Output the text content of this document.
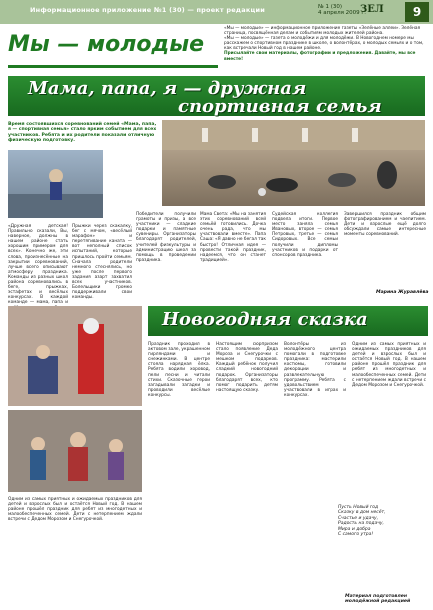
Информационное приложение №1 (30) — проект редакции	№ 1 (30)
4 апреля 2009 г.
ЗЕЛ	9
Мы — молодые
«Мы — молодые» — информационное приложение газеты «Зелёные аллеи». Зелёная страница, посвящённая делам и событиям молодых жителей района.
«Мы — молодые» — газета о молодёжи и для молодёжи. В Новогоднем номере мы расскажем о спортивном празднике в школе, о волонтёрах, о молодых семьях и о том, как встречали Новый год в нашем районе.
Присылайте свои материалы, фотографии и предложения. Давайте, мы все вместе!
Мама, папа, я — дружная
спортивная семья
Время состоявшихся соревнований семей «Мама, папа, я — спортивная семья» стало ярким событием для всех участников. Ребята и их родители показали отличную физическую подготовку.
«Дружная детская! Правильно сказали, Вы, наверное, должны в нашем районе стать хорошим примером для всех». Конечно же, эти слова, произнесённые на закрытии соревнований, лучше всего описывают атмосферу праздника. Команды из разных школ района соревновались в беге, прыжках, эстафетах и весёлых конкурсах. В каждой команде — мама, папа и
Прыжки через скакалку, бег с мячом, «весёлый марафон» и перетягивание каната — вот неполный список испытаний, которые пришлось пройти семьям. Сначала родители немного стеснялись, но уже после первого задания азарт захватил всех участников. Болельщики громко поддерживали свои команды.
Победители получили грамоты и призы, а все участники — сладкие подарки и памятные сувениры. Организаторы благодарят родителей, учителей физкультуры и администрацию школ за помощь в проведении праздника.
Мама Света: «Мы на занятия этих соревнований всей семьёй готовились. Дочка очень рада, что мы участвовали вместе». Папа Саша: «Я давно не бегал так быстро! Отличная идея — провести такой праздник, надеемся, что он станет традицией».
Судейская коллегия подвела итоги. Первое место заняла семья Ивановых, второе — семья Петровых, третье — семья Сидоровых. Все семьи получили дипломы участников и подарки от спонсоров праздника.
Завершился праздник общим фотографированием и чаепитием. Дети и взрослые ещё долго обсуждали самые интересные моменты соревнований.
Марина Журавлёва
Новогодняя сказка
Одним из самых приятных и ожидаемых праздников для детей и взрослых был и остаётся Новый год. В нашем районе прошёл праздник для ребят из многодетных и малообеспеченных семей. Дети с нетерпением ждали встречи с Дедом Морозом и Снегурочкой.
Праздник проходил в актовом зале, украшенном гирляндами и снежинками. В центре стояла нарядная ёлка. Ребята водили хоровод, пели песни и читали стихи. Сказочные герои загадывали загадки и проводили весёлые конкурсы.
Настоящим сюрпризом стало появление Деда Мороза и Снегурочки с мешком подарков. Каждый ребёнок получил сладкий новогодний подарок. Организаторы благодарят всех, кто помог подарить детям настоящую сказку.
Волонтёры из молодёжного центра помогали в подготовке праздника: мастерили костюмы, готовили декорации и развлекательную программу. Ребята с удовольствием участвовали в играх и конкурсах.
Одним из самых приятных и ожидаемых праздников для детей и взрослых был и остаётся Новый год. В нашем районе прошёл праздник для ребят из многодетных и малообеспеченных семей. Дети с нетерпением ждали встречи с Дедом Морозом и Снегурочкой.
Пусть Новый год
Сказку в дом несёт,
Счастье и удачу,
Радость на подачу,
Мира и добра
С самого утра!
Материал подготовлен
молодёжной редакцией
